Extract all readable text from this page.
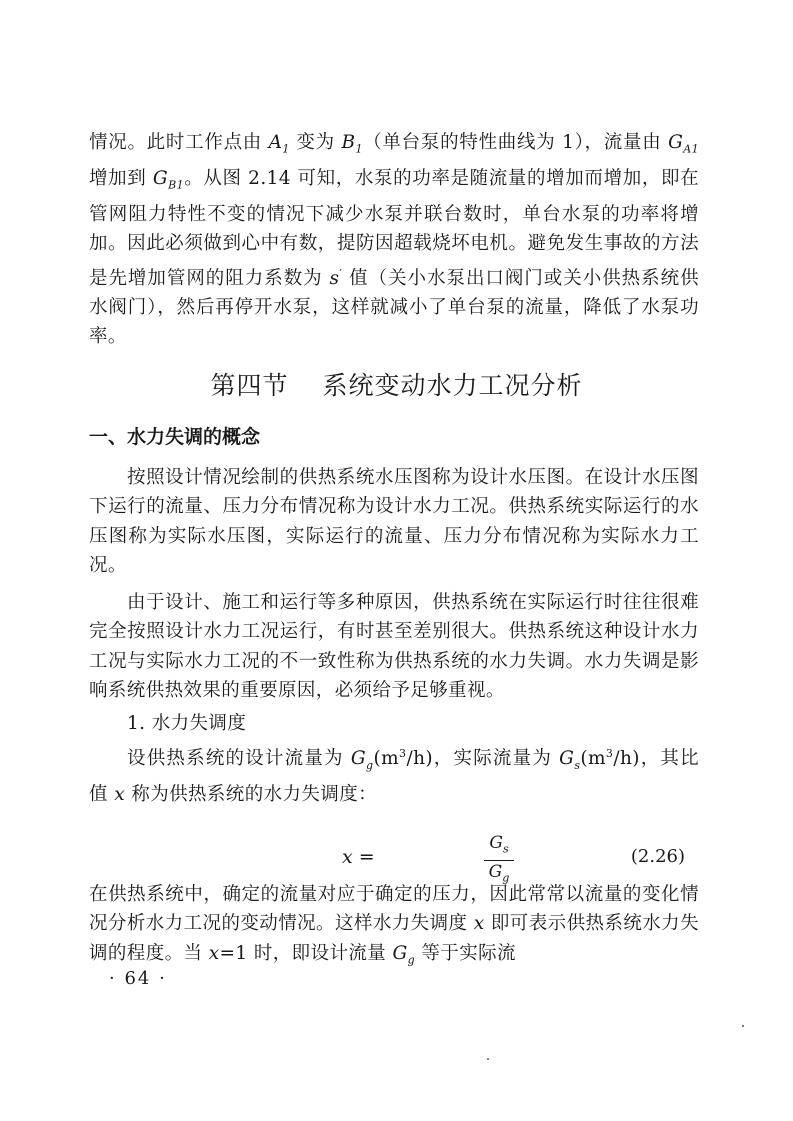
情况。此时工作点由 $A_1$ 变为 $B_1$（单台泵的特性曲线为 1），流量由 $G_{A1}$增加到 $G_{B1}$。从图 2.14 可知，水泵的功率是随流量的增加而增加，即在管网阻力特性不变的情况下减少水泵并联台数时，单台水泵的功率将增加。因此必须做到心中有数，提防因超载烧坏电机。避免发生事故的方法是先增加管网的阻力系数为 s′ 值（关小水泵出口阀门或关小供热系统供水阀门），然后再停开水泵，这样就减小了单台泵的流量，降低了水泵功率。

第四节 系统变动水力工况分析
一、水力失调的概念

按照设计情况绘制的供热系统水压图称为设计水压图。在设计水压图下运行的流量、压力分布情况称为设计水力工况。供热系统实际运行的水压图称为实际水压图，实际运行的流量、压力分布情况称为实际水力工况。

由于设计、施工和运行等多种原因，供热系统在实际运行时往往很难完全按照设计水力工况运行，有时甚至差别很大。供热系统这种设计水力工况与实际水力工况的不一致性称为供热系统的水力失调。水力失调是影响系统供热效果的重要原因，必须给予足够重视。

1. 水力失调度

设供热系统的设计流量为 $G_g(m^3/h)$，实际流量为 $G_s(m^3/h)$，其比值 x 称为供热系统的水力失调度：

x =	$\frac{G_s}{G_g}$	(2.26)

在供热系统中，确定的流量对应于确定的压力，因此常常以流量的变化情况分析水力工况的变动情况。这样水力失调度 x 即可表示供热系统水力失调的程度。当 x=1 时，即设计流量 $G_g$ 等于实际流

· 64 ·
